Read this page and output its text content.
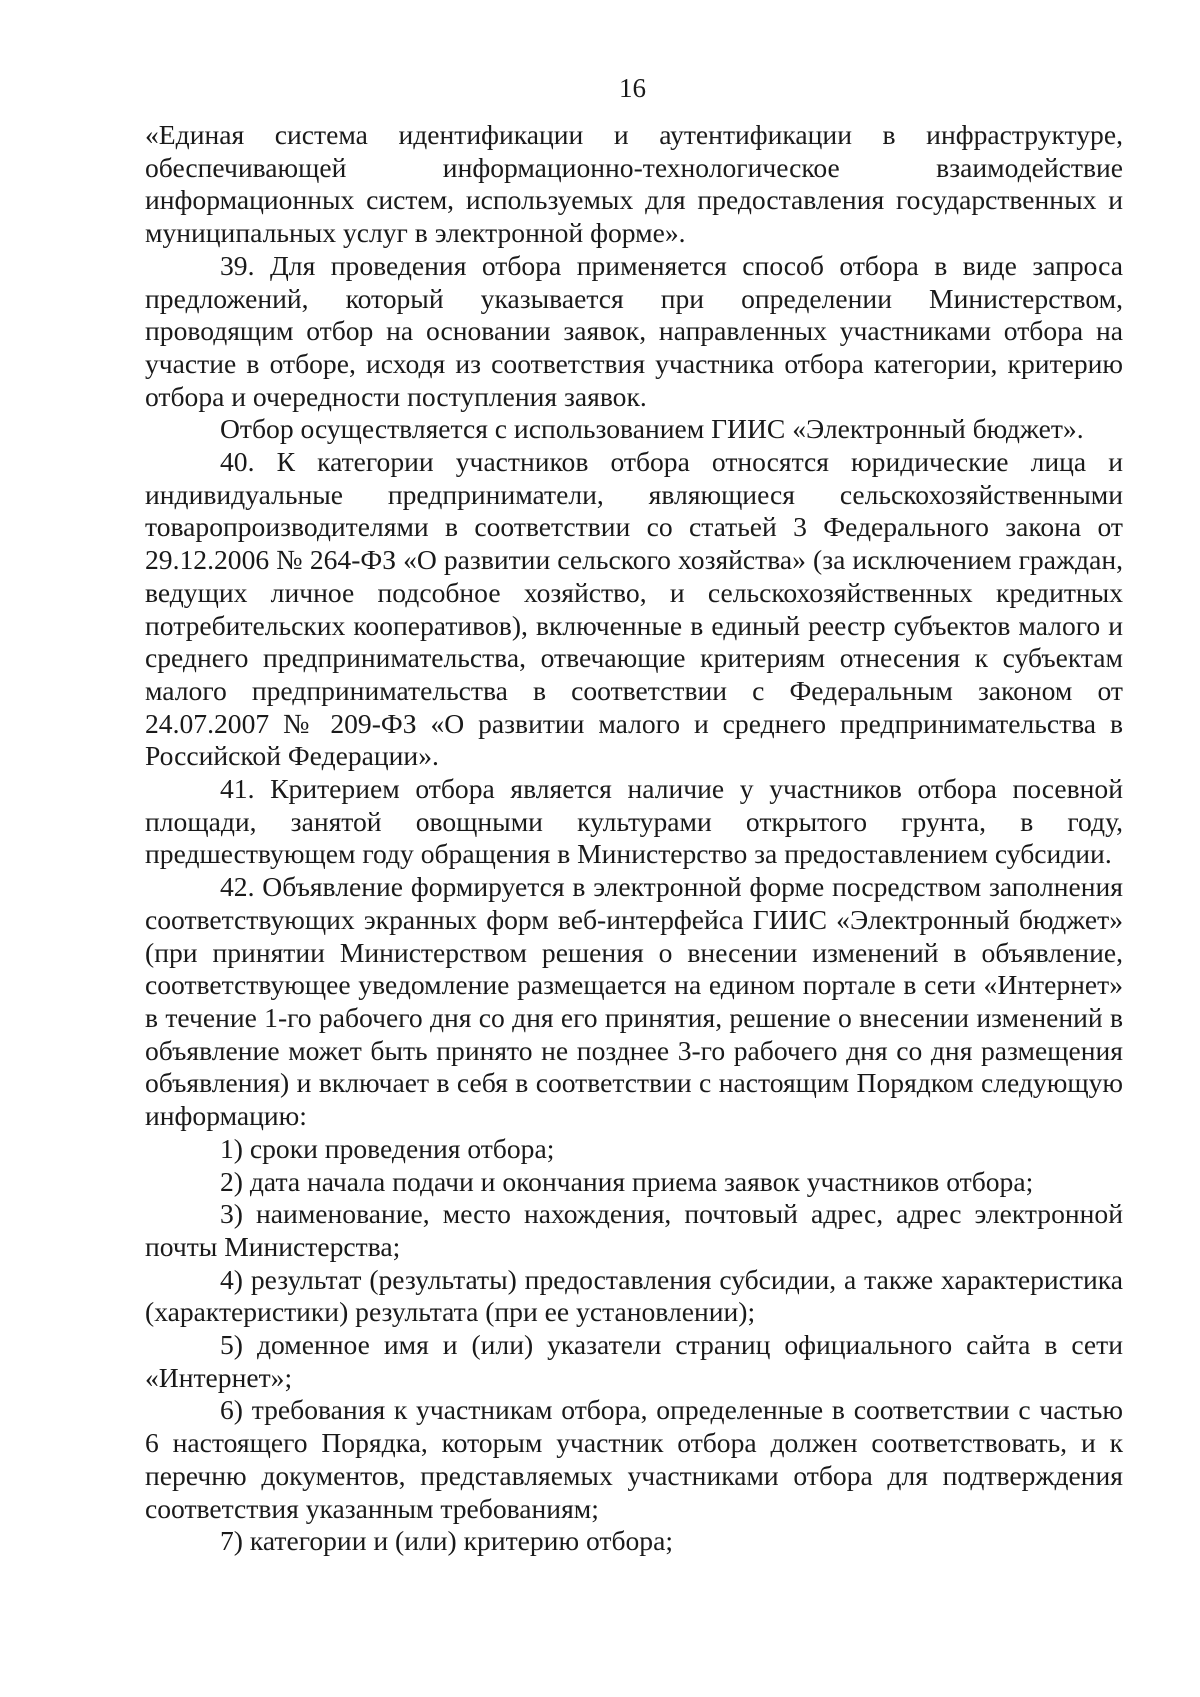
16

«Единая система идентификации и аутентификации в инфраструктуре, обеспечивающей информационно-технологическое взаимодействие информационных систем, используемых для предоставления государственных и муниципальных услуг в электронной форме».

39. Для проведения отбора применяется способ отбора в виде запроса предложений, который указывается при определении Министерством, проводящим отбор на основании заявок, направленных участниками отбора на участие в отборе, исходя из соответствия участника отбора категории, критерию отбора и очередности поступления заявок.

Отбор осуществляется с использованием ГИИС «Электронный бюджет».

40. К категории участников отбора относятся юридические лица и индивидуальные предприниматели, являющиеся сельскохозяйственными товаропроизводителями в соответствии со статьей 3 Федерального закона от 29.12.2006 № 264-ФЗ «О развитии сельского хозяйства» (за исключением граждан, ведущих личное подсобное хозяйство, и сельскохозяйственных кредитных потребительских кооперативов), включенные в единый реестр субъектов малого и среднего предпринимательства, отвечающие критериям отнесения к субъектам малого предпринимательства в соответствии с Федеральным законом от 24.07.2007 № 209-ФЗ «О развитии малого и среднего предпринимательства в Российской Федерации».

41. Критерием отбора является наличие у участников отбора посевной площади, занятой овощными культурами открытого грунта, в году, предшествующем году обращения в Министерство за предоставлением субсидии.

42. Объявление формируется в электронной форме посредством заполнения соответствующих экранных форм веб-интерфейса ГИИС «Электронный бюджет» (при принятии Министерством решения о внесении изменений в объявление, соответствующее уведомление размещается на едином портале в сети «Интернет» в течение 1-го рабочего дня со дня его принятия, решение о внесении изменений в объявление может быть принято не позднее 3-го рабочего дня со дня размещения объявления) и включает в себя в соответствии с настоящим Порядком следующую информацию:

1) сроки проведения отбора;

2) дата начала подачи и окончания приема заявок участников отбора;

3) наименование, место нахождения, почтовый адрес, адрес электронной почты Министерства;

4) результат (результаты) предоставления субсидии, а также характеристика (характеристики) результата (при ее установлении);

5) доменное имя и (или) указатели страниц официального сайта в сети «Интернет»;

6) требования к участникам отбора, определенные в соответствии с частью 6 настоящего Порядка, которым участник отбора должен соответствовать, и к перечню документов, представляемых участниками отбора для подтверждения соответствия указанным требованиям;

7) категории и (или) критерию отбора;
